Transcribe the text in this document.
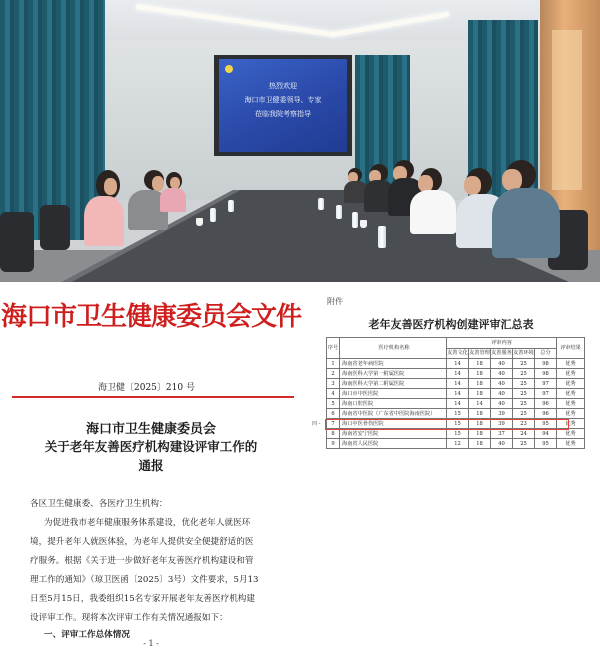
热烈欢迎
海口市卫健委领导、专家
莅临我院考察指导
海口市卫生健康委员会文件
海卫健〔2025〕210 号
海口市卫生健康委员会
关于老年友善医疗机构建设评审工作的
通报
各区卫生健康委、各医疗卫生机构：
为促进我市老年健康服务体系建设，优化老年人就医环
境，提升老年人就医体验，为老年人提供安全便捷舒适的医
疗服务。根据《关于进一步做好老年友善医疗机构建设和管
理工作的通知》（琼卫医函〔2025〕3号）文件要求，5月13
日至5月15日，我委组织15名专家开展老年友善医疗机构建
设评审工作。现将本次评审工作有关情况通报如下：
一、评审工作总体情况
- 1 -
附件
老年友善医疗机构创建评审汇总表
四 -
序号	医疗机构名称	评审内容					评审结果
		友善文化	友善管理	友善服务	友善环境	总分	
1	海南省老年病医院	14	18	40	25	98	优秀
2	海南医科大学第一附属医院	14	18	40	25	98	优秀
3	海南医科大学第二附属医院	14	18	40	25	97	优秀
4	海口市中医医院	14	18	40	25	97	优秀
5	海南口腔医院	14	14	40	25	96	优秀
6	海南省中医院（广东省中医院海南医院）	15	18	39	25	96	优秀
7	海口中医骨伤医院	15	18	39	23	95	优秀
8	海南省安宁医院	15	18	37	24	94	优秀
9	海南省人民医院	12	18	40	25	95	优秀
